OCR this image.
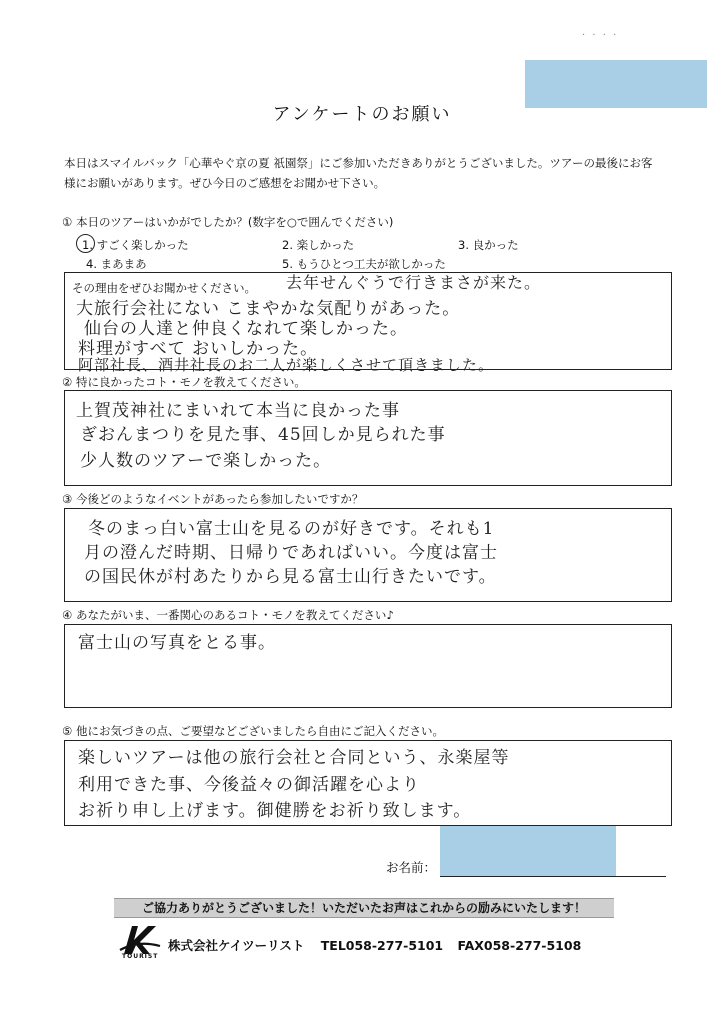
· · · ·
アンケートのお願い
本日はスマイルバック「心華やぐ京の夏 祇園祭」にご参加いただきありがとうございました。ツアーの最後にお客様にお願いがあります。ぜひ今日のご感想をお聞かせ下さい。
① 本日のツアーはいかがでしたか？(数字を○で囲んでください)
1. すごく楽しかった	2. 楽しかった	3. 良かった
4. まあまあ	5. もうひとつ工夫が欲しかった
その理由をぜひお聞かせください。 去年せんぐうで行きまさが来た。
大旅行会社にない こまやかな気配りがあった。
仙台の人達と仲良くなれて楽しかった。
料理がすべて おいしかった。
阿部社長、酒井社長のお二人が楽しくさせて頂きました。
② 特に良かったコト・モノを教えてください。
上賀茂神社にまいれて本当に良かった事
ぎおんまつりを見た事、45回しか見られた事
少人数のツアーで楽しかった。
③ 今後どのようなイベントがあったら参加したいですか？
冬のまっ白い富士山を見るのが好きです。それも1
月の澄んだ時期、日帰りであればいい。今度は富士
の国民休が村あたりから見る富士山行きたいです。
④ あなたがいま、一番関心のあるコト・モノを教えてください♪
富士山の写真をとる事。
⑤ 他にお気づきの点、ご要望などございましたら自由にご記入ください。
楽しいツアーは他の旅行会社と合同という、永楽屋等
利用できた事、今後益々の御活躍を心より
お祈り申し上げます。御健勝をお祈り致します。
お名前：
ご協力ありがとうございました！いただいたお声はこれからの励みにいたします！
TOURIST
株式会社ケイツーリスト TEL058-277-5101 FAX058-277-5108
